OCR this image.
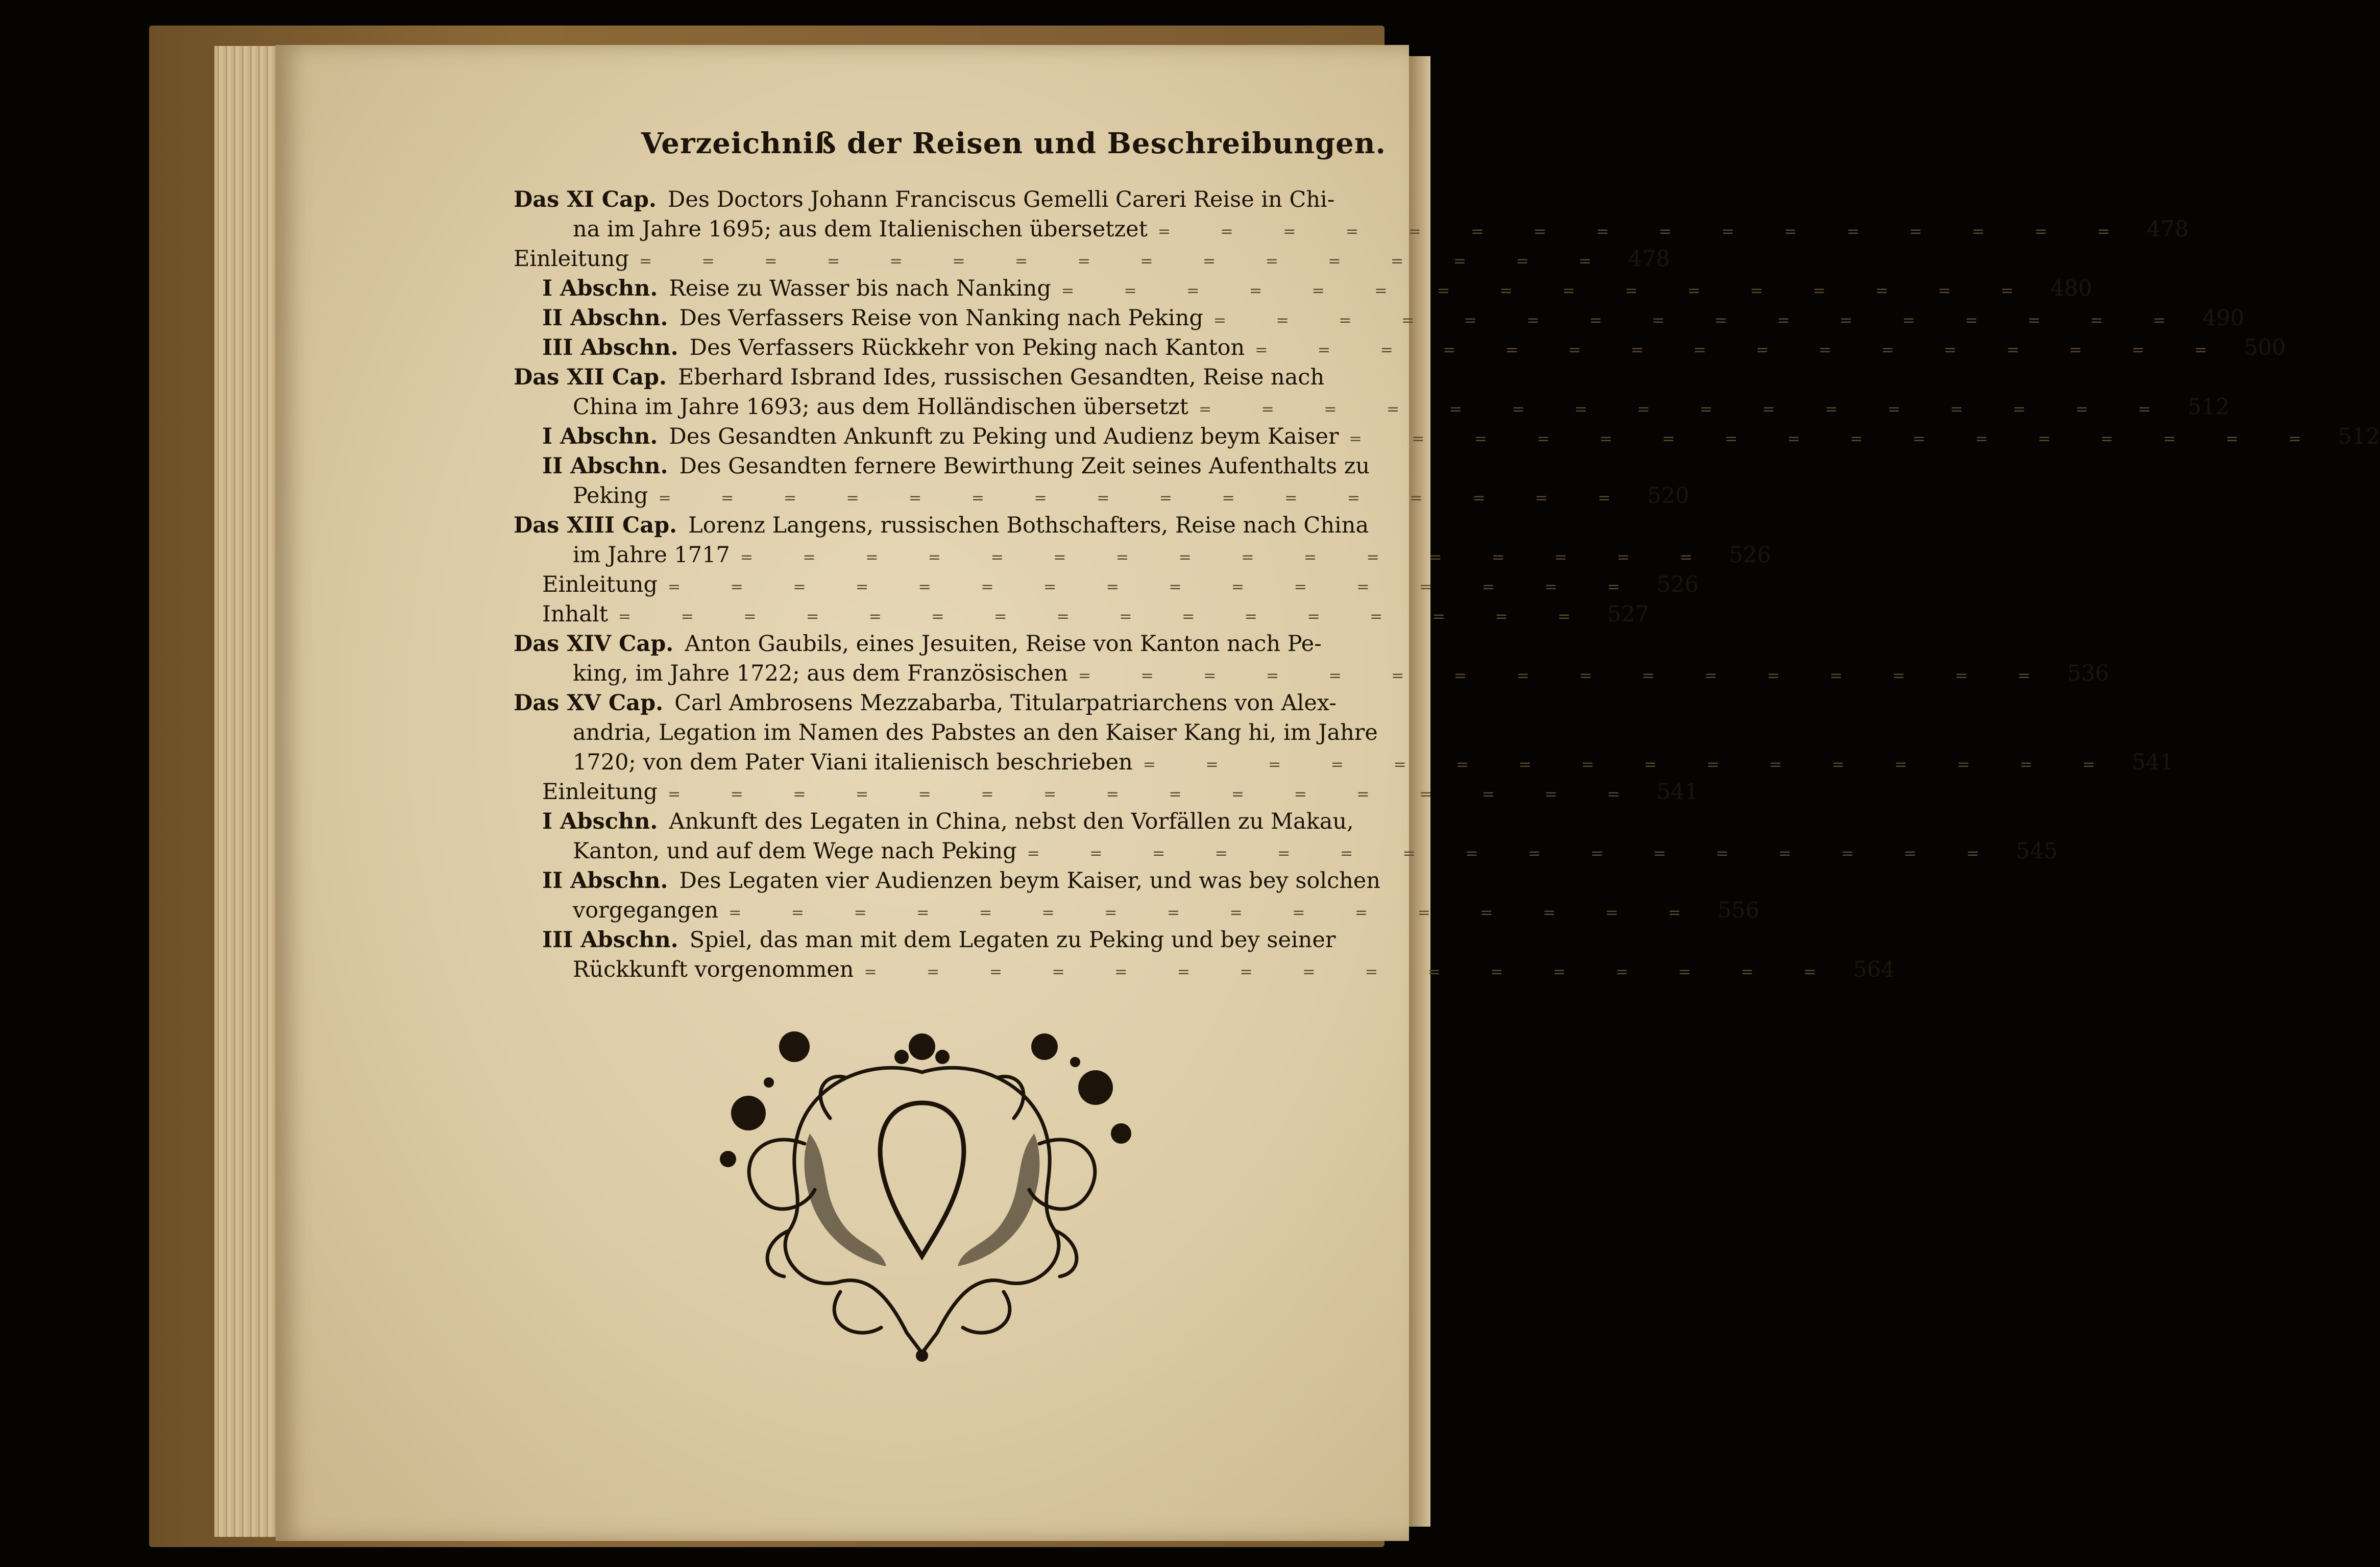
Verzeichniß der Reisen und Beschreibungen.
Das XI Cap. Des Doctors Johann Franciscus Gemelli Careri Reise in Chi-
na im Jahre 1695; aus dem Italienischen übersetzet = = = = = = = = = = = = = = = = 478
Einleitung = = = = = = = = = = = = = = = = 478
I Abschn. Reise zu Wasser bis nach Nanking = = = = = = = = = = = = = = = = 480
II Abschn. Des Verfassers Reise von Nanking nach Peking = = = = = = = = = = = = = = = = 490
III Abschn. Des Verfassers Rückkehr von Peking nach Kanton = = = = = = = = = = = = = = = = 500
Das XII Cap. Eberhard Isbrand Ides, russischen Gesandten, Reise nach
China im Jahre 1693; aus dem Holländischen übersetzt = = = = = = = = = = = = = = = = 512
I Abschn. Des Gesandten Ankunft zu Peking und Audienz beym Kaiser = = = = = = = = = = = = = = = = 512
II Abschn. Des Gesandten fernere Bewirthung Zeit seines Aufenthalts zu
Peking = = = = = = = = = = = = = = = = 520
Das XIII Cap. Lorenz Langens, russischen Bothschafters, Reise nach China
im Jahre 1717 = = = = = = = = = = = = = = = = 526
Einleitung = = = = = = = = = = = = = = = = 526
Inhalt = = = = = = = = = = = = = = = = 527
Das XIV Cap. Anton Gaubils, eines Jesuiten, Reise von Kanton nach Pe-
king, im Jahre 1722; aus dem Französischen = = = = = = = = = = = = = = = = 536
Das XV Cap. Carl Ambrosens Mezzabarba, Titularpatriarchens von Alex-
andria, Legation im Namen des Pabstes an den Kaiser Kang hi, im Jahre
1720; von dem Pater Viani italienisch beschrieben = = = = = = = = = = = = = = = = 541
Einleitung = = = = = = = = = = = = = = = = 541
I Abschn. Ankunft des Legaten in China, nebst den Vorfällen zu Makau,
Kanton, und auf dem Wege nach Peking = = = = = = = = = = = = = = = = 545
II Abschn. Des Legaten vier Audienzen beym Kaiser, und was bey solchen
vorgegangen = = = = = = = = = = = = = = = = 556
III Abschn. Spiel, das man mit dem Legaten zu Peking und bey seiner
Rückkunft vorgenommen = = = = = = = = = = = = = = = = 564
